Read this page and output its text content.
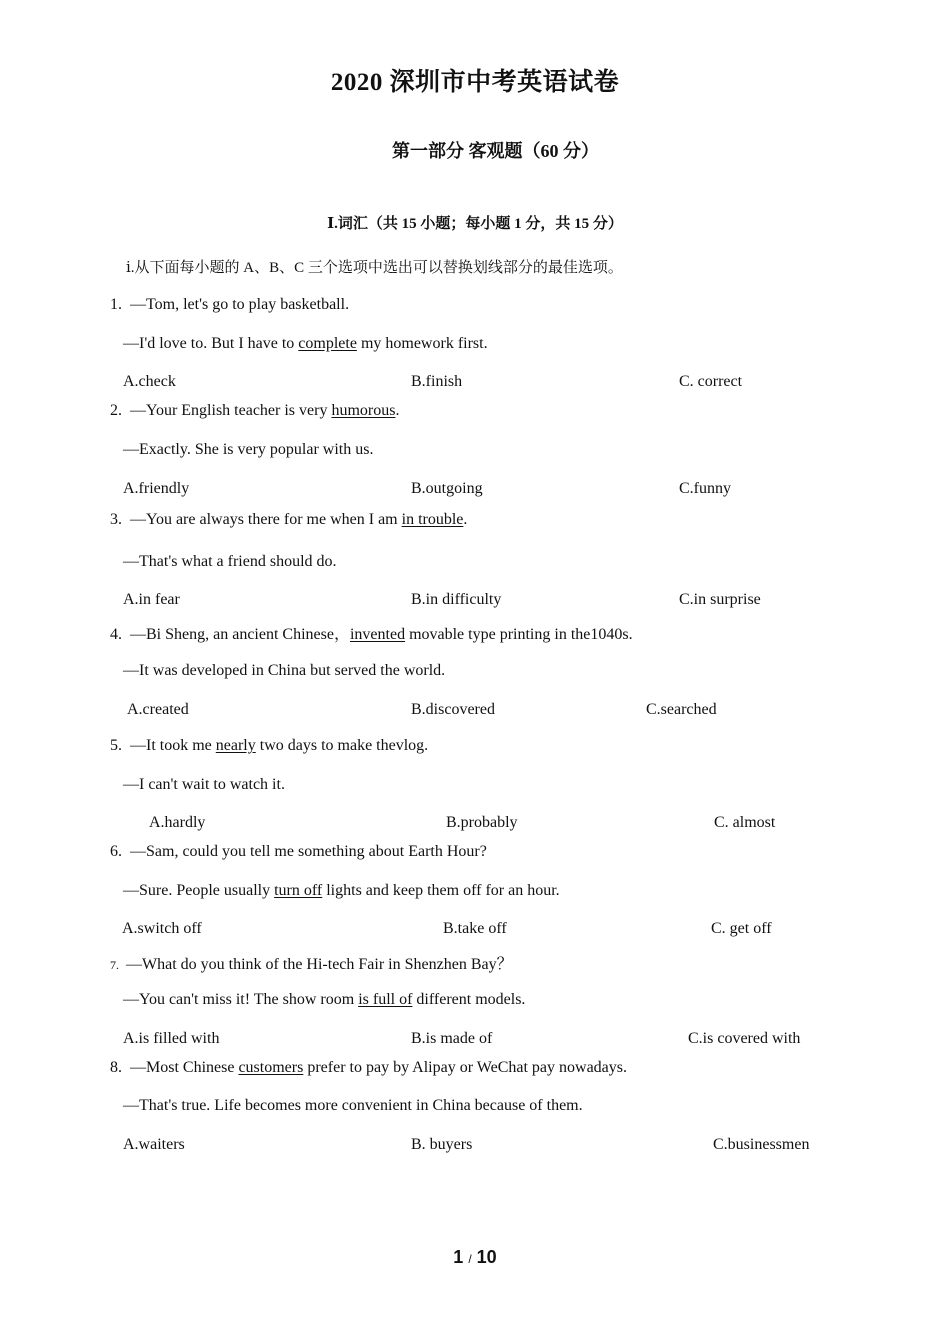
2020 深圳市中考英语试卷
第一部分 客观题（60 分）
Ⅰ.词汇（共 15 小题；每小题 1 分，共 15 分）
ⅰ.从下面每小题的 A、B、C 三个选项中选出可以替换划线部分的最佳选项。
1. —Tom, let's go to play basketball.
—I'd love to. But I have to complete my homework first.
A.check	B.finish	C. correct
2. —Your English teacher is very humorous.
—Exactly. She is very popular with us.
A.friendly	B.outgoing	C.funny
3. —You are always there for me when I am in trouble.
—That's what a friend should do.
A.in fear	B.in difficulty	C.in surprise
4. —Bi Sheng, an ancient Chinese，invented movable type printing in the1040s.
—It was developed in China but served the world.
A.created	B.discovered	C.searched
5. —It took me nearly two days to make thevlog.
—I can't wait to watch it.
A.hardly	B.probably	C. almost
6. —Sam, could you tell me something about Earth Hour?
—Sure. People usually turn off lights and keep them off for an hour.
A.switch off	B.take off	C. get off
7. —What do you think of the Hi-tech Fair in Shenzhen Bay？
—You can't miss it! The show room is full of different models.
A.is filled with	B.is made of	C.is covered with
8. —Most Chinese customers prefer to pay by Alipay or WeChat pay nowadays.
—That's true. Life becomes more convenient in China because of them.
A.waiters	B. buyers	C.businessmen
1 / 10
